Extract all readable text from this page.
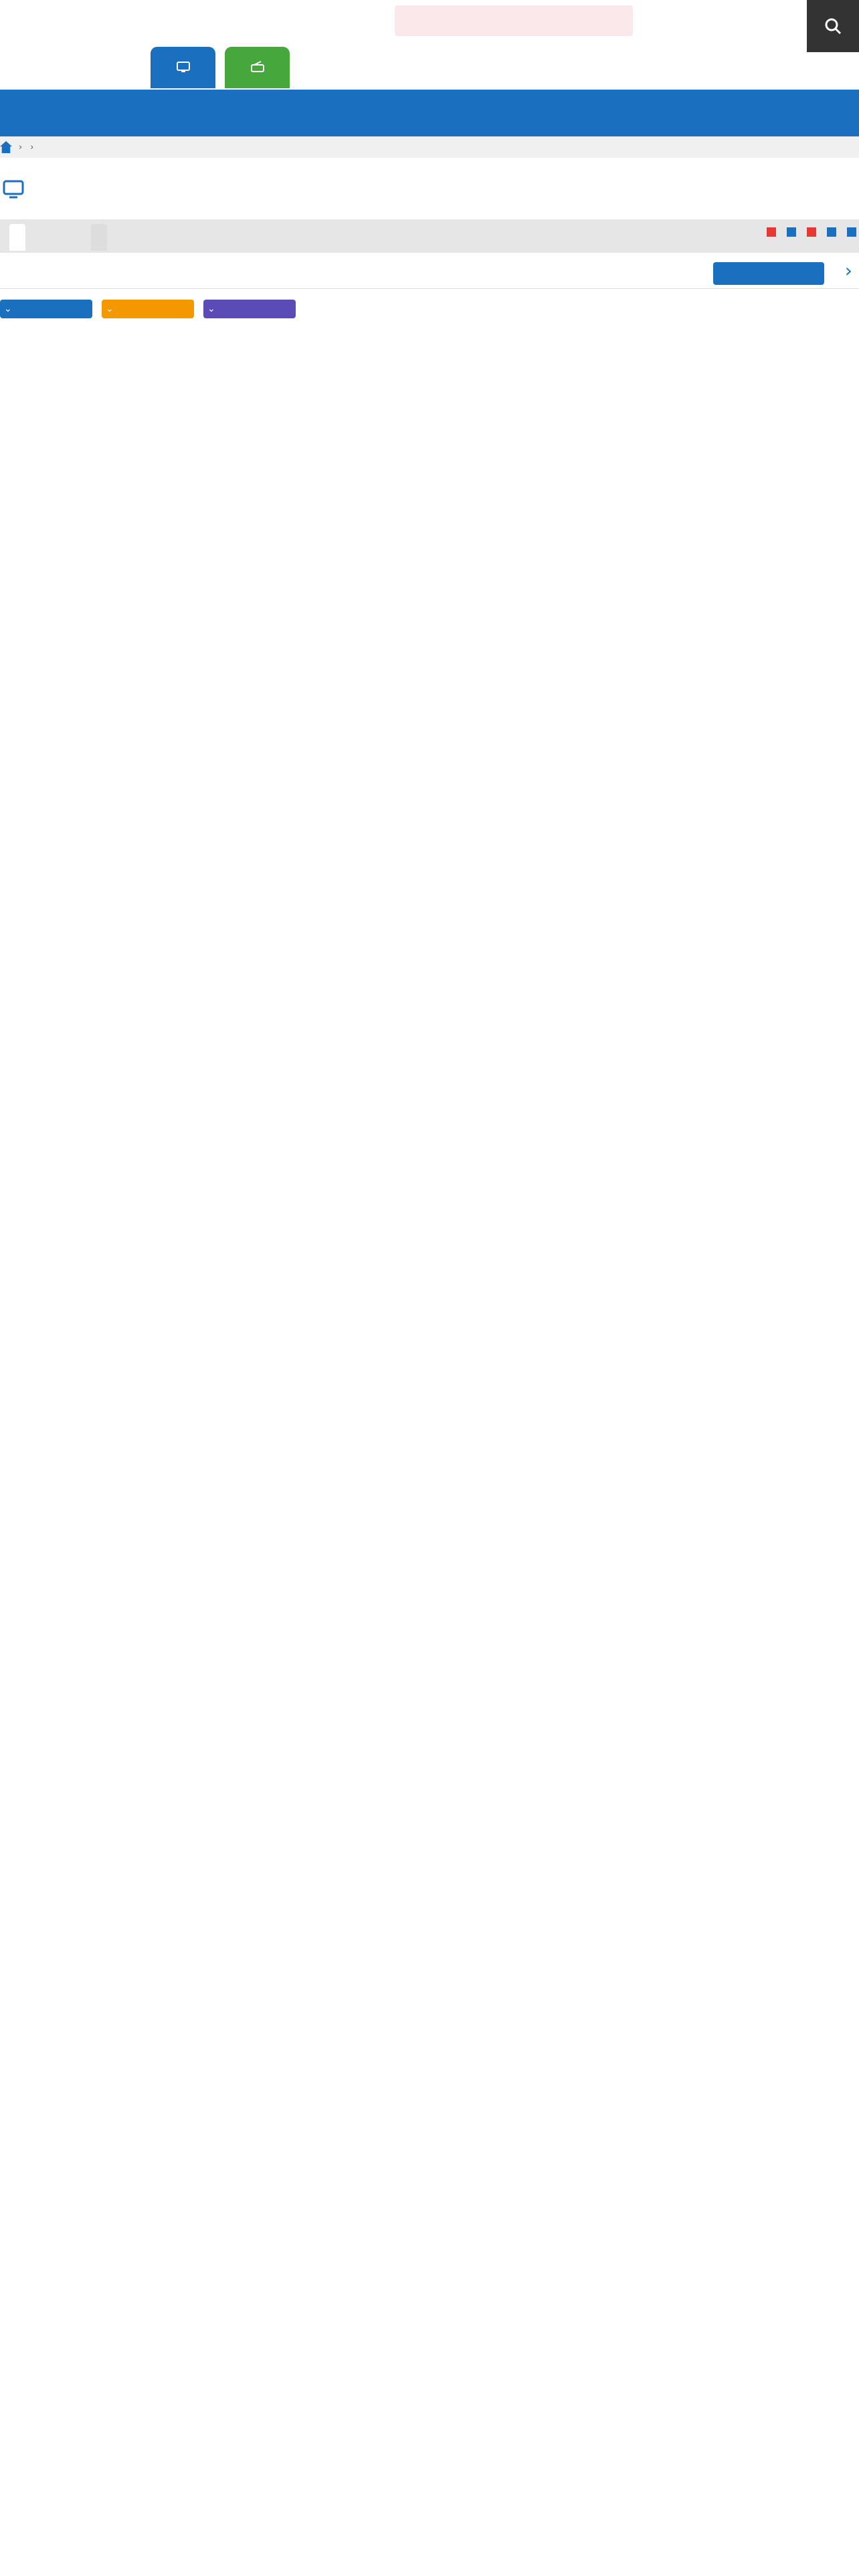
› ›
›
⌄	⌄	⌄
